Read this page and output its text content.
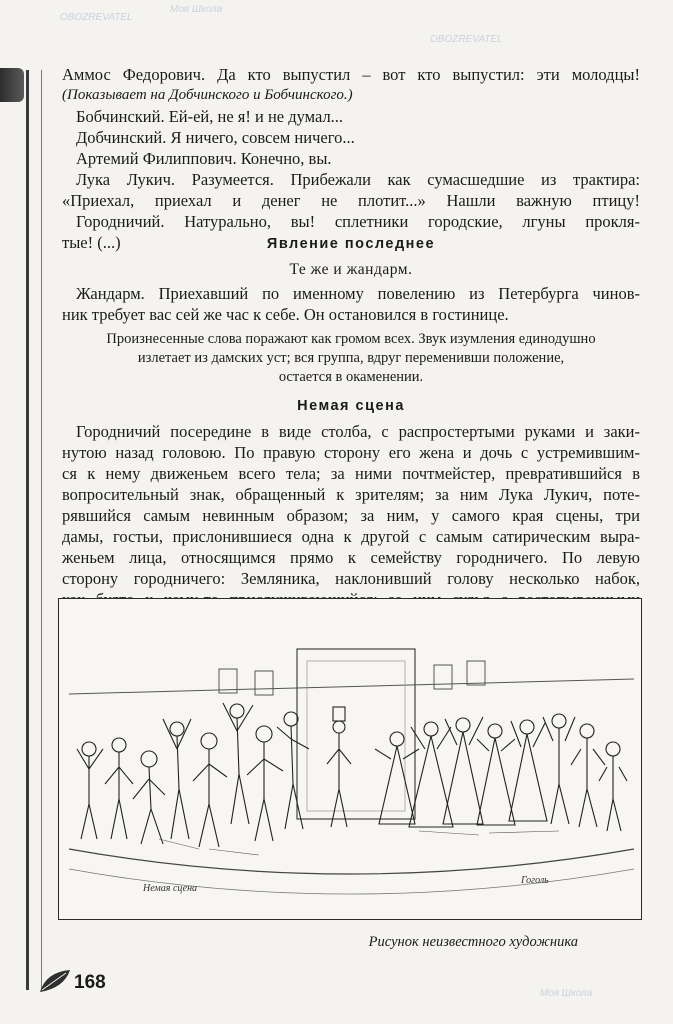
Аммос Федорович. Да кто выпустил – вот кто выпустил: эти молодцы!
(Показывает на Добчинского и Бобчинского.)
Бобчинский. Ей-ей, не я! и не думал...
Добчинский. Я ничего, совсем ничего...
Артемий Филиппович. Конечно, вы.
Лука Лукич. Разумеется. Прибежали как сумасшедшие из трактира:
«Приехал, приехал и денег не плотит...» Нашли важную птицу!
Городничий. Натурально, вы! сплетники городские, лгуны прокля-
тые! (...)	Явление последнее
Те же и жандарм.
Жандарм. Приехавший по именному повелению из Петербурга чинов-
ник требует вас сей же час к себе. Он остановился в гостинице.
Произнесенные слова поражают как громом всех. Звук изумления единодушно
излетает из дамских уст; вся группа, вдруг переменивши положение,
остается в окаменении.
Немая сцена
Городничий посередине в виде столба, с распростертыми руками и заки-
нутою назад головою. По правую сторону его жена и дочь с устремившим-
ся к нему движеньем всего тела; за ними почтмейстер, превратившийся в
вопросительный знак, обращенный к зрителям; за ним Лука Лукич, поте-
рявшийся самым невинным образом; за ним, у самого края сцены, три
дамы, гостьи, прислонившиеся одна к другой с самым сатирическим выра-
женьем лица, относящимся прямо к семейству городничего. По левую
сторону городничего: Земляника, наклонивший голову несколько набок,
Немая сцена
Гоголь
Рисунок неизвестного художника
168
OBOZREVATEL
Моя Школа
OBOZREVATEL
Моя Школа
